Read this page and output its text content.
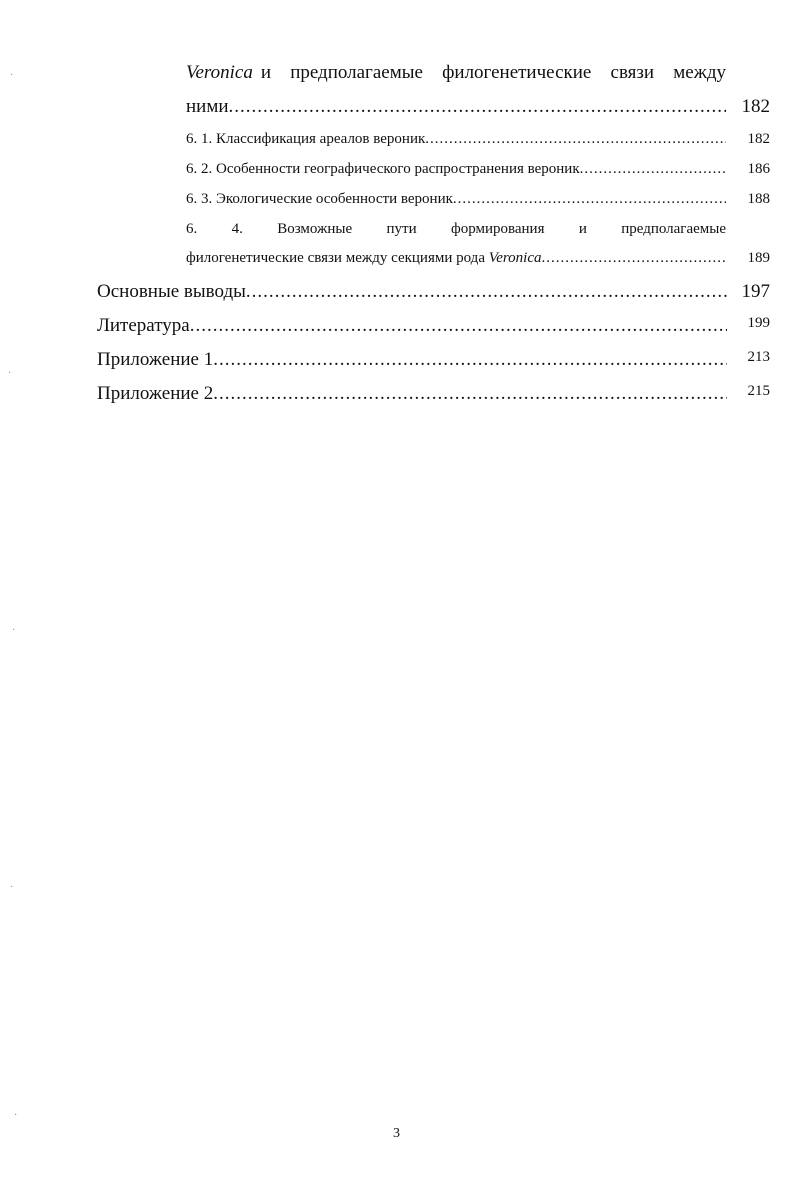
Veronica и предполагаемые филогенетические связи между
ними .....	182
6. 1. Классификация ареалов вероник .....	182
6. 2. Особенности географического распространения вероник .....	186
6. 3. Экологические особенности вероник .....	188
6. 4. Возможные пути формирования и предполагаемые
филогенетические связи между секциями рода Veronica .....	189
Основные выводы .....	197
Литература .....	199
Приложение 1 .....	213
Приложение 2 .....	215
3
·
·
·
·
·
